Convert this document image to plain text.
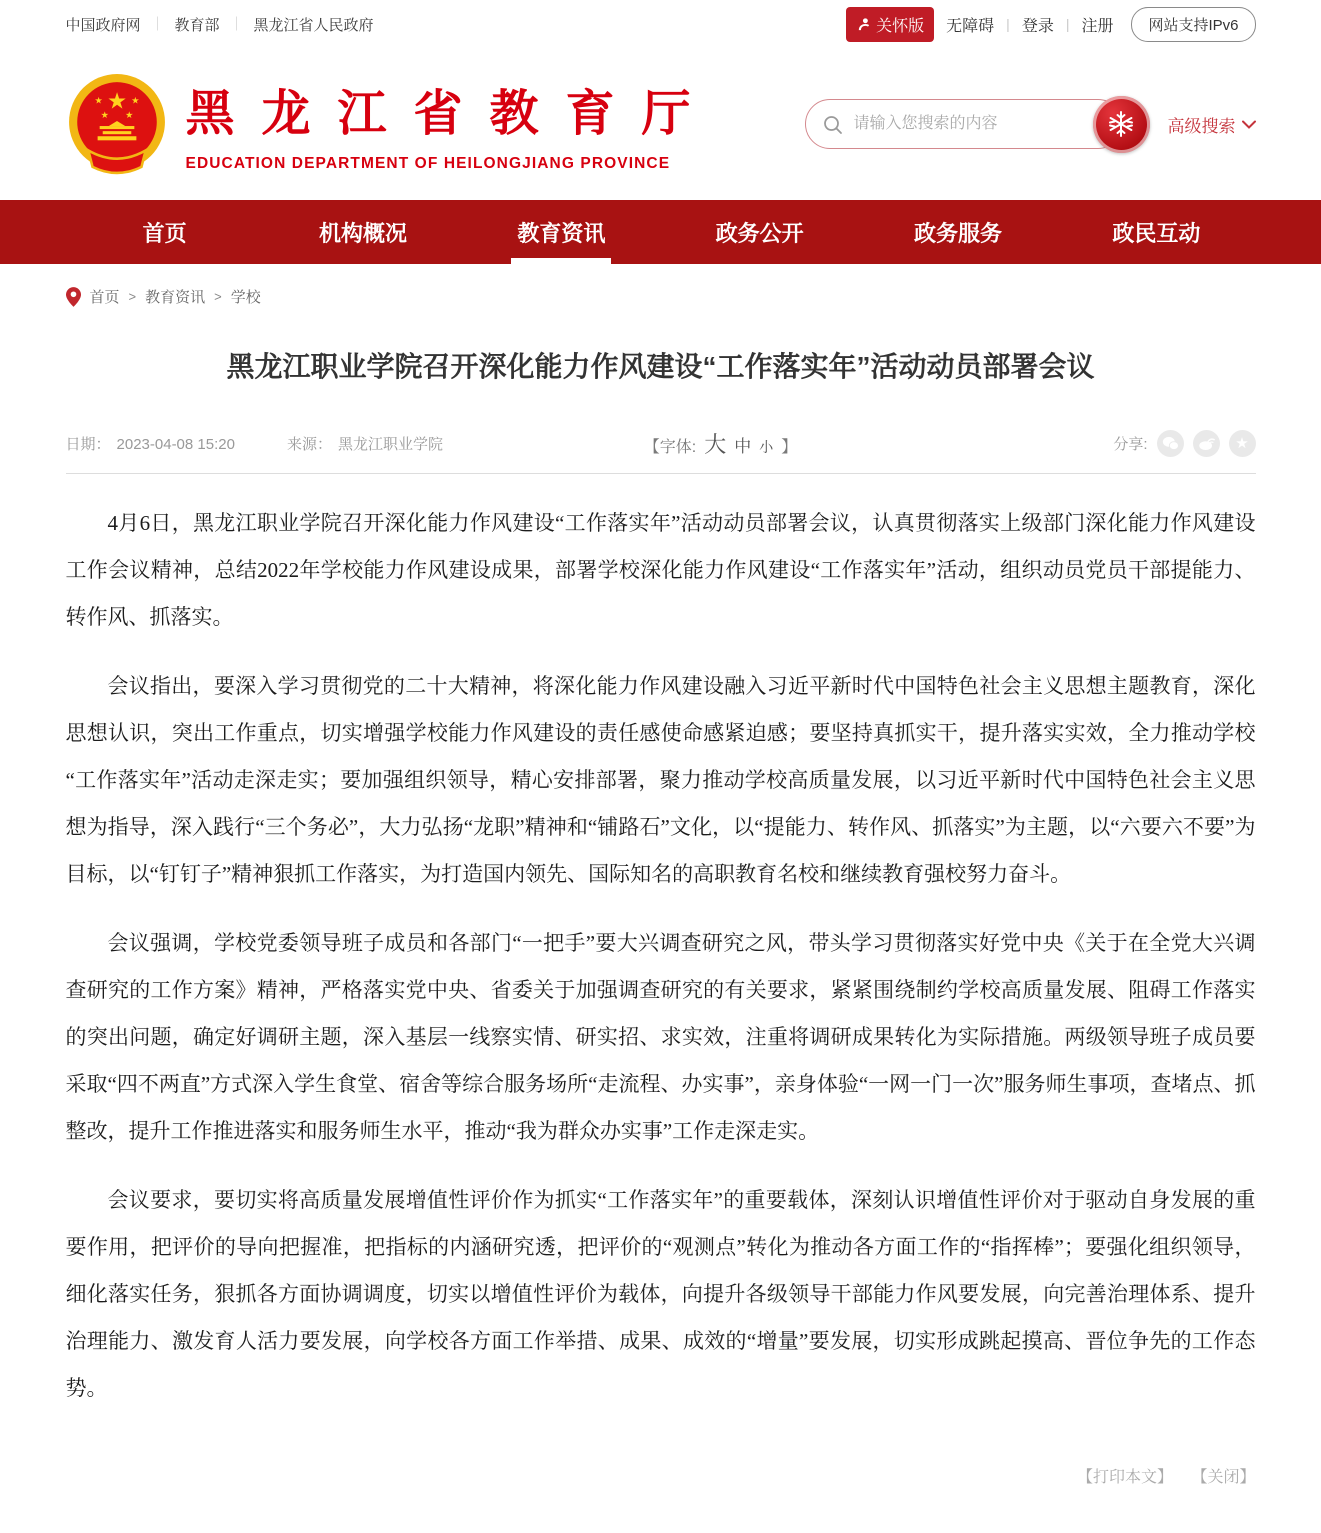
中国政府网 ｜ 教育部 ｜ 黑龙江省人民政府	关怀版 无障碍 | 登录 | 注册	网站支持IPv6
★
★	★
★ ★ 黑龙江省教育厅
EDUCATION DEPARTMENT OF HEILONGJIANG PROVINCE
请输入您搜索的内容
高级搜索
首页	机构概况	教育资讯	政务公开	政务服务	政民互动
首页 > 教育资讯 > 学校
黑龙江职业学院召开深化能力作风建设“工作落实年”活动动员部署会议
日期： 2023-04-08 15:20	来源： 黑龙江职业学院	【字体: 大 中 小 】	分享:	★

4月6日，黑龙江职业学院召开深化能力作风建设“工作落实年”活动动员部署会议，认真贯彻落实上级部门深化能力作风建设工作会议精神，总结2022年学校能力作风建设成果，部署学校深化能力作风建设“工作落实年”活动，组织动员党员干部提能力、转作风、抓落实。

会议指出，要深入学习贯彻党的二十大精神，将深化能力作风建设融入习近平新时代中国特色社会主义思想主题教育，深化思想认识，突出工作重点，切实增强学校能力作风建设的责任感使命感紧迫感；要坚持真抓实干，提升落实实效，全力推动学校“工作落实年”活动走深走实；要加强组织领导，精心安排部署，聚力推动学校高质量发展，以习近平新时代中国特色社会主义思想为指导，深入践行“三个务必”，大力弘扬“龙职”精神和“铺路石”文化，以“提能力、转作风、抓落实”为主题，以“六要六不要”为目标，以“钉钉子”精神狠抓工作落实，为打造国内领先、国际知名的高职教育名校和继续教育强校努力奋斗。

会议强调，学校党委领导班子成员和各部门“一把手”要大兴调查研究之风，带头学习贯彻落实好党中央《关于在全党大兴调查研究的工作方案》精神，严格落实党中央、省委关于加强调查研究的有关要求，紧紧围绕制约学校高质量发展、阻碍工作落实的突出问题，确定好调研主题，深入基层一线察实情、研实招、求实效，注重将调研成果转化为实际措施。两级领导班子成员要采取“四不两直”方式深入学生食堂、宿舍等综合服务场所“走流程、办实事”，亲身体验“一网一门一次”服务师生事项，查堵点、抓整改，提升工作推进落实和服务师生水平，推动“我为群众办实事”工作走深走实。

会议要求，要切实将高质量发展增值性评价作为抓实“工作落实年”的重要载体，深刻认识增值性评价对于驱动自身发展的重要作用，把评价的导向把握准，把指标的内涵研究透，把评价的“观测点”转化为推动各方面工作的“指挥棒”；要强化组织领导，细化落实任务，狠抓各方面协调调度，切实以增值性评价为载体，向提升各级领导干部能力作风要发展，向完善治理体系、提升治理能力、激发育人活力要发展，向学校各方面工作举措、成果、成效的“增量”要发展，切实形成跳起摸高、晋位争先的工作态势。

【打印本文】 【关闭】
